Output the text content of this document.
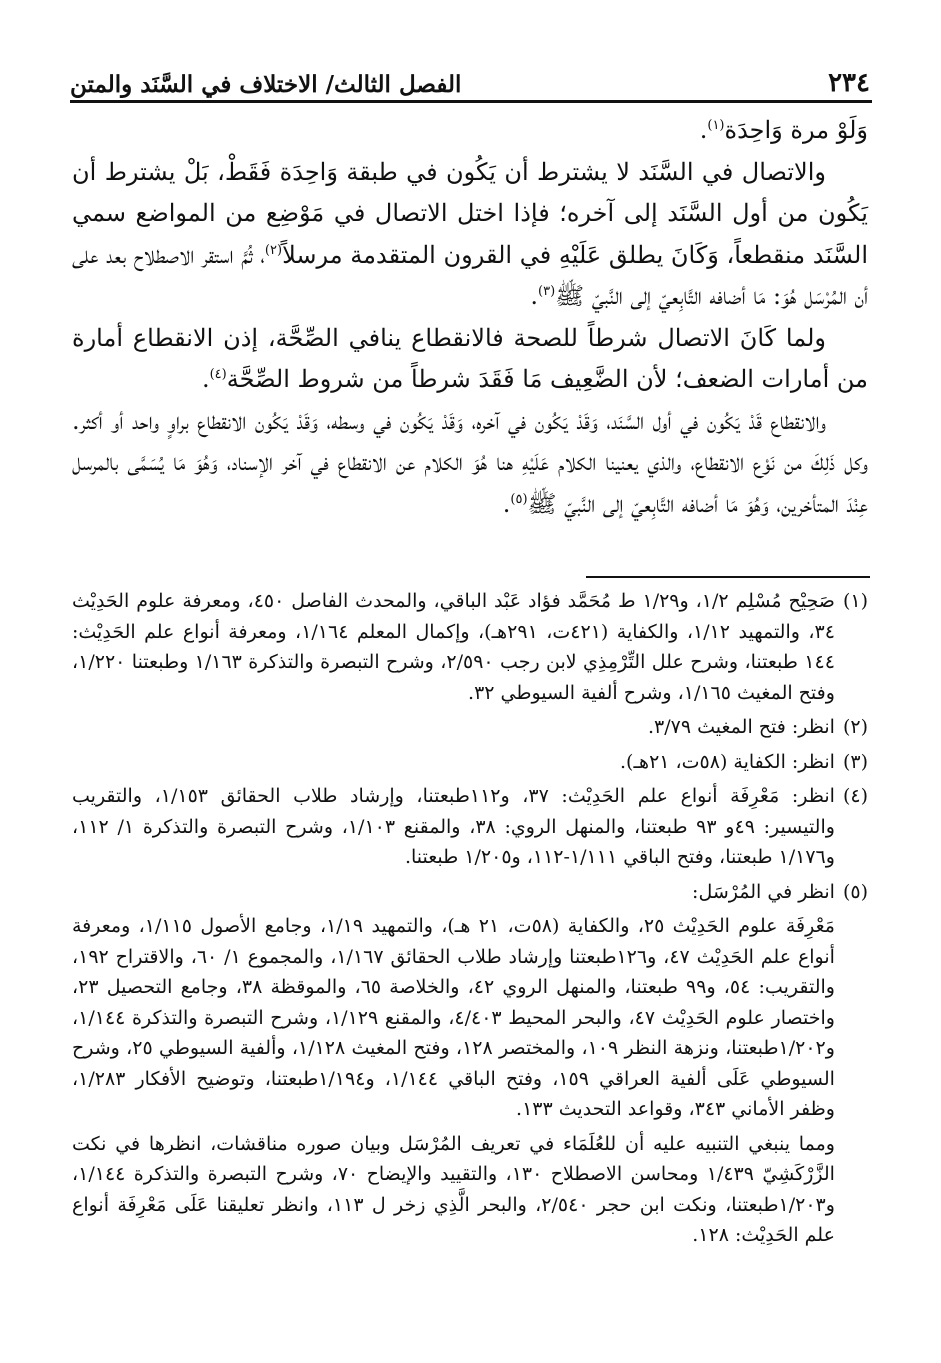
٢٣٤
الفصل الثالث/ الاختلاف في السَّنَد والمتن

وَلَوْ مرة وَاحِدَة$^{(١)}$.

والاتصال في السَّنَد لا يشترط أن يَكُون في طبقة وَاحِدَة فَقَطْ، بَلْ يشترط أن يَكُون من أول السَّنَد إلى آخره؛ فإذا اختل الاتصال في مَوْضِع من المواضع سمي السَّنَد منقطعاً، وَكَانَ يطلق عَلَيْهِ في القرون المتقدمة مرسلاً$^{(٢)}$، ثُمَّ استقر الاصطلاح بعد على أن المُرْسَل هُوَ: مَا أضافه التَّابِعيّ إلى النَّبيّ ﷺ$^{(٣)}$.

ولما كَانَ الاتصال شرطاً للصحة فالانقطاع ينافي الصِّحَّة، إذن الانقطاع أمارة من أمارات الضعف؛ لأن الضَّعِيف مَا فَقَدَ شرطاً من شروط الصِّحَّة$^{(٤)}$.

والانقطاع قَدْ يَكُون في أول السَّنَد، وَقَدْ يَكُون في آخره، وَقَدْ يَكُون في وسطه، وَقَدْ يَكُون الانقطاع براوٍ واحد أو أكثر. وكل ذَلِكَ من نَوْع الانقطاع، والذي يعنينا الكلام عَلَيْهِ هنا هُوَ الكلام عن الانقطاع في آخر الإسناد، وَهُوَ مَا يُسَمَّى بالمرسل عِنْدَ المتأخرين، وَهُوَ مَا أضافه التَّابِعيّ إلى النَّبيّ ﷺ$^{(٥)}$.

(١)

صَحِيْح مُسْلِم ١/٢، و١/٢٩ ط مُحَمَّد فؤاد عَبْد الباقي، والمحدث الفاصل ٤٥٠، ومعرفة علوم الحَدِيْث ٣٤، والتمهيد ١/١٢، والكفاية (٤٢١ت، ٢٩١هـ)، وإكمال المعلم ١/١٦٤، ومعرفة أنواع علم الحَدِيْث: ١٤٤ طبعتنا، وشرح علل التِّرْمِذِي لابن رجب ٢/٥٩٠، وشرح التبصرة والتذكرة ١/١٦٣ وطبعتنا ١/٢٢٠، وفتح المغيث ١/١٦٥، وشرح ألفية السيوطي ٣٢.

(٢)

انظر: فتح المغيث ٣/٧٩.

(٣)

انظر: الكفاية (٥٨ت، ٢١هـ).

(٤)

انظر: مَعْرِفَة أنواع علم الحَدِيْث: ٣٧، و١١٢طبعتنا، وإرشاد طلاب الحقائق ١/١٥٣، والتقريب والتيسير: ٤٩و ٩٣ طبعتنا، والمنهل الروي: ٣٨، والمقنع ١/١٠٣، وشرح التبصرة والتذكرة ١/ ١١٢، و١/١٧٦ طبعتنا، وفتح الباقي ١/١١١-١١٢، و١/٢٠٥ طبعتنا.

(٥)

انظر في المُرْسَل:

مَعْرِفَة علوم الحَدِيْث ٢٥، والكفاية (٥٨ت، ٢١ هـ)، والتمهيد ١/١٩، وجامع الأصول ١/١١٥، ومعرفة أنواع علم الحَدِيْث ٤٧، و١٢٦طبعتنا وإرشاد طلاب الحقائق ١/١٦٧، والمجموع ١/ ٦٠، والاقتراح ١٩٢، والتقريب: ٥٤، و٩٩ طبعتنا، والمنهل الروي ٤٢، والخلاصة ٦٥، والموقظة ٣٨، وجامع التحصيل ٢٣، واختصار علوم الحَدِيْث ٤٧، والبحر المحيط ٤/٤٠٣، والمقنع ١/١٢٩، وشرح التبصرة والتذكرة ١/١٤٤، و١/٢٠٢طبعتنا، ونزهة النظر ١٠٩، والمختصر ١٢٨، وفتح المغيث ١/١٢٨، وألفية السيوطي ٢٥، وشرح السيوطي عَلَى ألفية العراقي ١٥٩، وفتح الباقي ١/١٤٤، و١/١٩٤طبعتنا، وتوضيح الأفكار ١/٢٨٣، وظفر الأماني ٣٤٣، وقواعد التحديث ١٣٣.

ومما ينبغي التنبيه عليه أن للعُلَمَاء في تعريف المُرْسَل وبيان صوره مناقشات، انظرها في نكت الزَّرْكَشِيّ ١/٤٣٩ ومحاسن الاصطلاح ١٣٠، والتقييد والإيضاح ٧٠، وشرح التبصرة والتذكرة ١/١٤٤، و١/٢٠٣طبعتنا، ونكت ابن حجر ٢/٥٤٠، والبحر الَّذِي زخر ل ١١٣، وانظر تعليقنا عَلَى مَعْرِفَة أنواع علم الحَدِيْث: ١٢٨.
